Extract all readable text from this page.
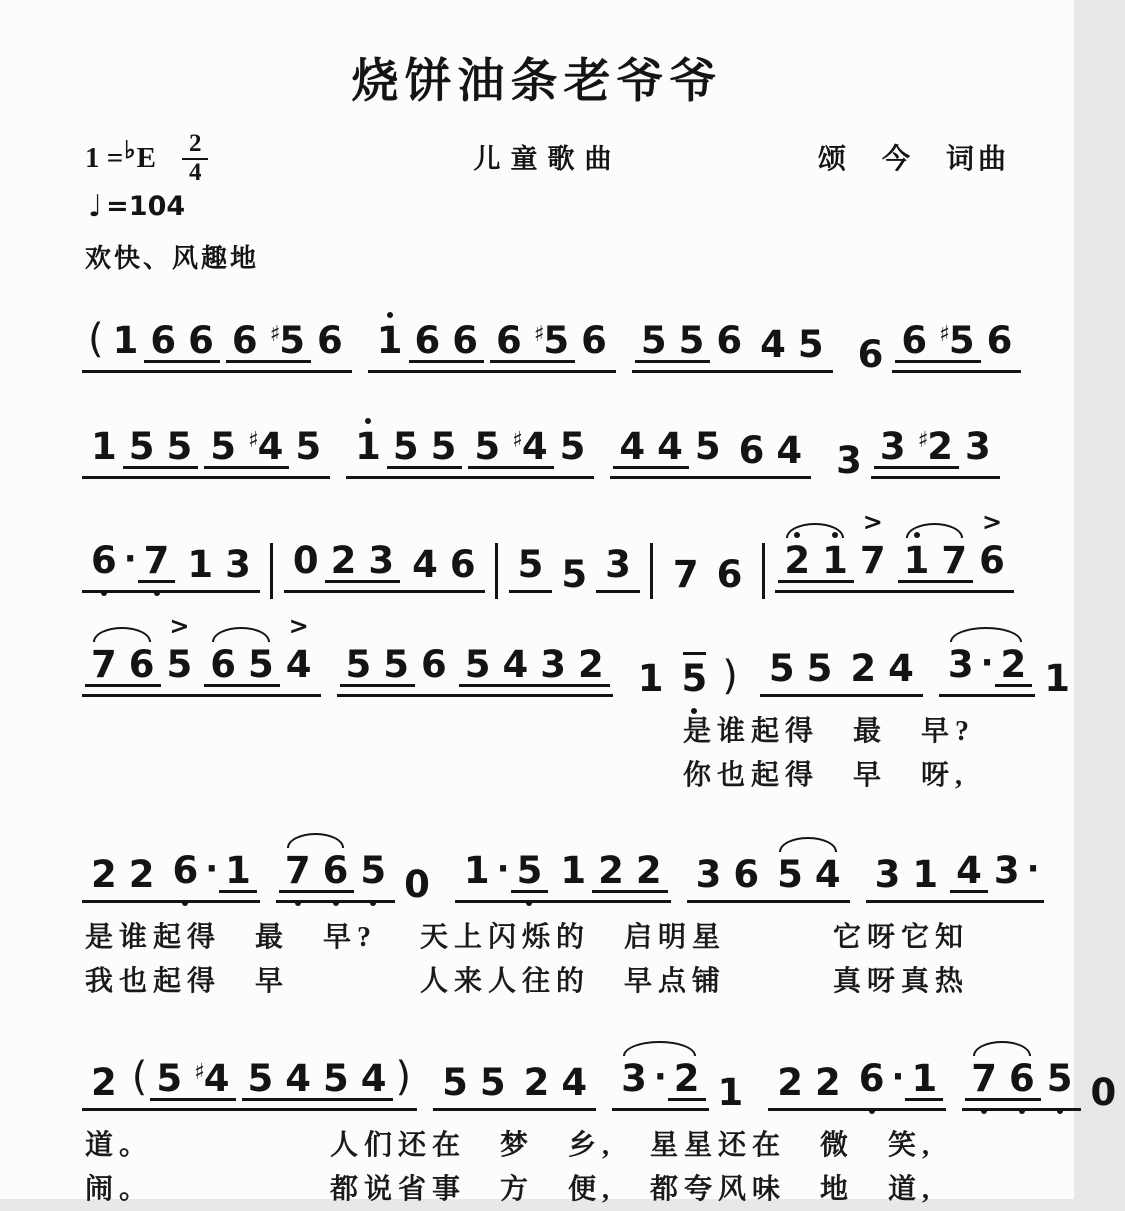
烧饼油条老爷爷
1 = ♭ E $\frac{2}{4}$	儿童歌曲	颂　今　词曲
♩ =104
欢快、风趣地
( 1 6 6 6 ♯5 6 1 6 6 6 ♯5 6 5 5 6 4 5 6 6 ♯5 6
1 5 5 5 ♯4 5 1 5 5 5 ♯4 5 4 4 5 6 4 3 3 ♯2 3
6 · 7 1 3 0 2 3 4 6 5 5 3 7 6 2 1 7
>
1 7 6
>
7 6 5
>
6 5 4
>
5 5 6 5 4 3 2 1 5 ) 5 5 2 4 3 · 2 1
是谁起得　最　早?
你也起得　早　呀,
2 2 6 · 1 7 6 5 0 1 · 5 1 2 2 3 6 5 4 3 1 4 3 ·
是谁起得　最　早? 天上闪烁的　启明星	它呀它知
我也起得　早	人来人往的　早点铺	真呀真热
2 ( 5 ♯4 5 4 5 4 ) 5 5 2 4 3 · 2 1 2 2 6 · 1 7 6 5 0
道。	人们还在　梦　乡, 星星还在　微　笑,
闹。	都说省事　方　便, 都夸风味　地　道,
